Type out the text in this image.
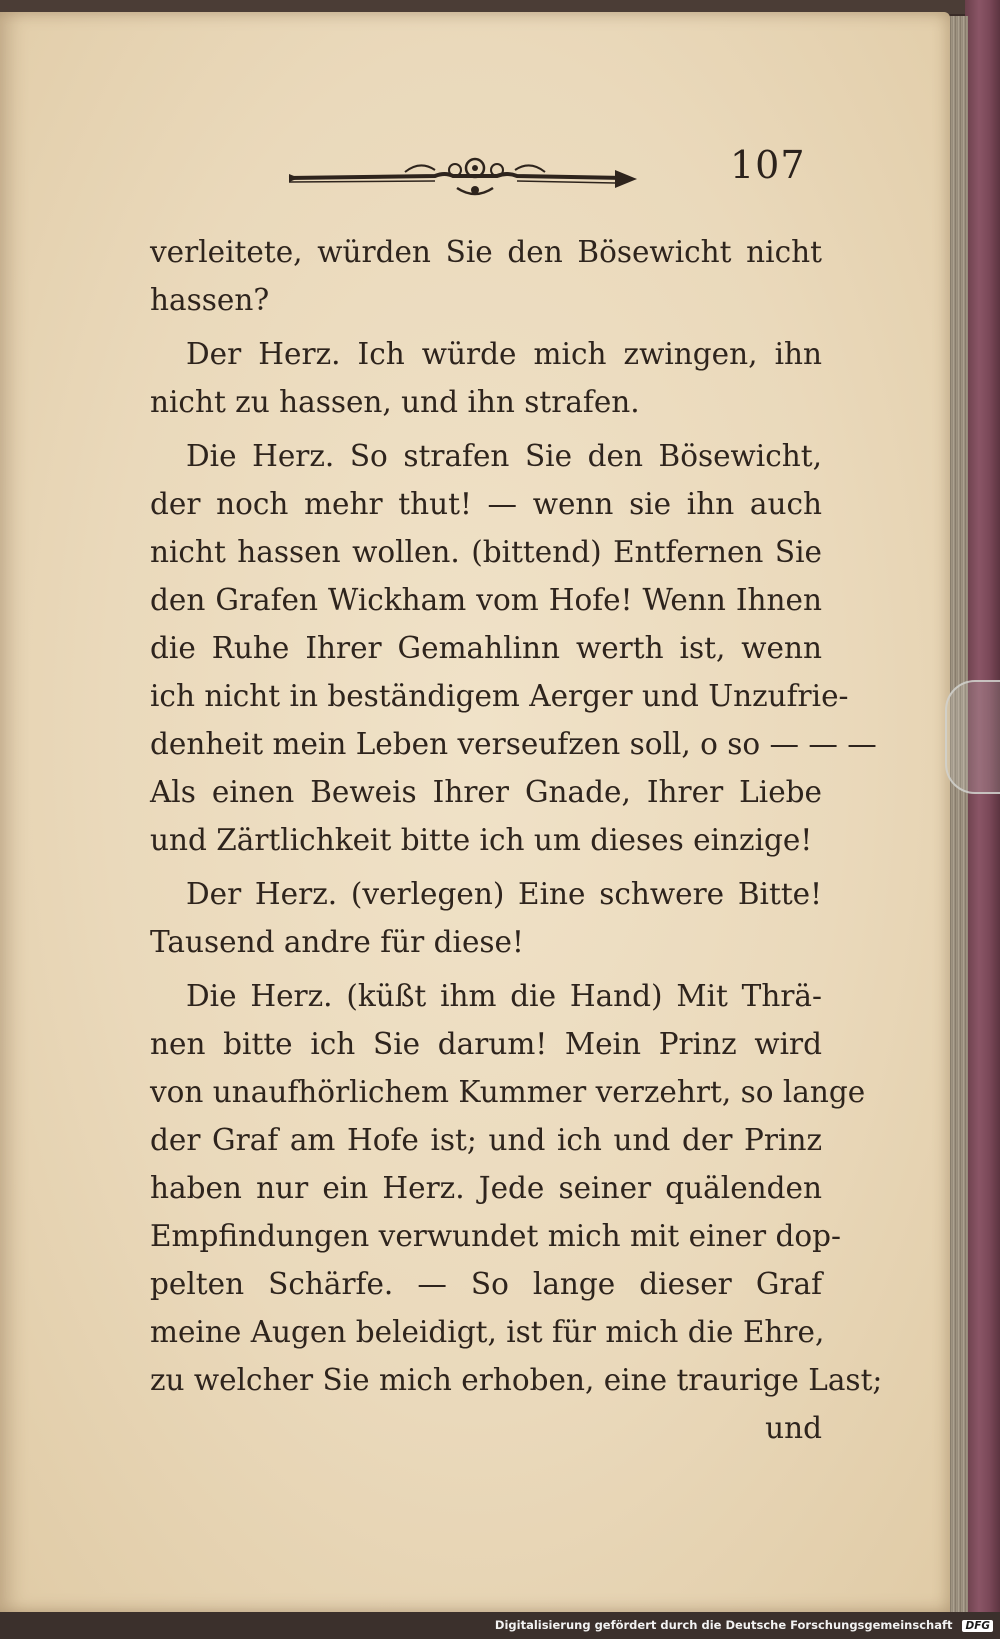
107
verleitete, würden Sie den Bösewicht nicht
hassen?
Der Herz. Ich würde mich zwingen, ihn
nicht zu hassen, und ihn strafen.
Die Herz. So strafen Sie den Bösewicht,
der noch mehr thut! — wenn sie ihn auch
nicht hassen wollen. (bittend) Entfernen Sie
den Grafen Wickham vom Hofe! Wenn Ihnen
die Ruhe Ihrer Gemahlinn werth ist, wenn
ich nicht in beständigem Aerger und Unzufrie-
denheit mein Leben verseufzen soll, o so — — —
Als einen Beweis Ihrer Gnade, Ihrer Liebe
und Zärtlichkeit bitte ich um dieses einzige!
Der Herz. (verlegen) Eine schwere Bitte!
Tausend andre für diese!
Die Herz. (küßt ihm die Hand) Mit Thrä-
nen bitte ich Sie darum! Mein Prinz wird
von unaufhörlichem Kummer verzehrt, so lange
der Graf am Hofe ist; und ich und der Prinz
haben nur ein Herz. Jede seiner quälenden
Empfindungen verwundet mich mit einer dop-
pelten Schärfe. — So lange dieser Graf
meine Augen beleidigt, ist für mich die Ehre,
zu welcher Sie mich erhoben, eine traurige Last;
und
Digitalisierung gefördert durch die Deutsche Forschungsgemeinschaft DFG
